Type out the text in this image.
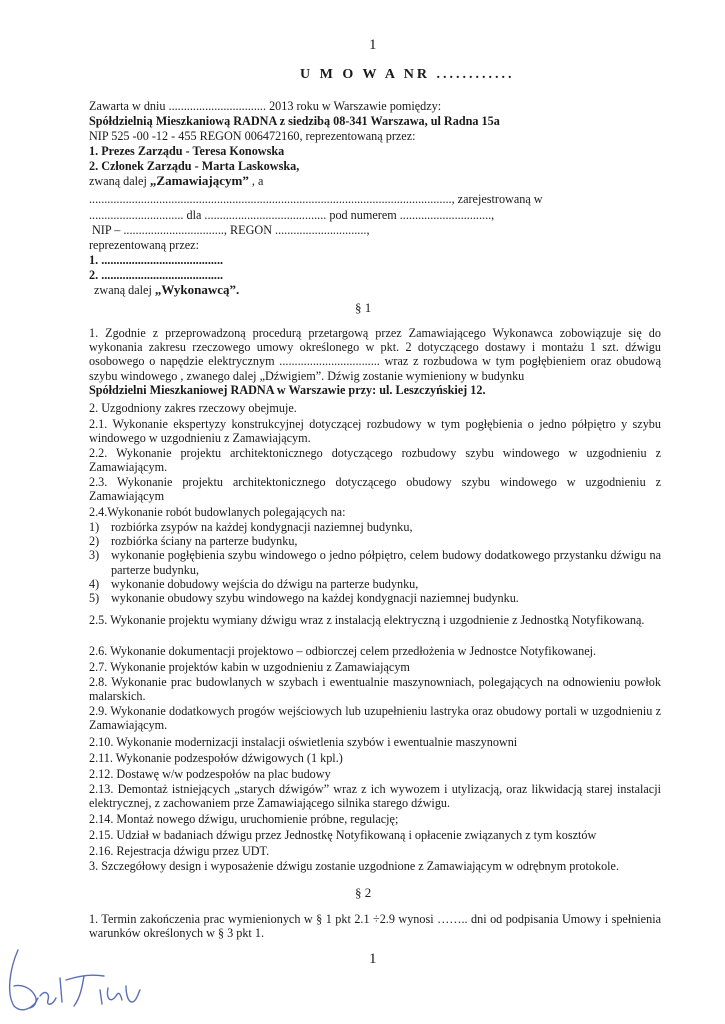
1
U M O W A NR ............
Zawarta w dniu ................................ 2013 roku w Warszawie pomiędzy:
Spółdzielnią Mieszkaniową RADNA z siedzibą 08-341 Warszawa, ul Radna 15a
NIP 525 -00 -12 - 455 REGON 006472160, reprezentowaną przez:
1. Prezes Zarządu - Teresa Konowska
2. Członek Zarządu - Marta Laskowska,
zwaną dalej „Zamawiającym” , a
......................................................................................................................., zarejestrowaną w
............................... dla ........................................ pod numerem ..............................,
NIP – ................................., REGON ..............................,
reprezentowaną przez:
1. ........................................
2. ........................................
zwaną dalej „Wykonawcą”.
§ 1
1. Zgodnie z przeprowadzoną procedurą przetargową przez Zamawiającego Wykonawca zobowiązuje się do wykonania zakresu rzeczowego umowy określonego w pkt. 2 dotyczącego dostawy i montażu 1 szt. dźwigu osobowego o napędzie elektrycznym ................................. wraz z rozbudowa w tym pogłębieniem oraz obudową szybu windowego , zwanego dalej „Dźwigiem”. Dźwig zostanie wymieniony w budynku
Spółdzielni Mieszkaniowej RADNA w Warszawie przy: ul. Leszczyńskiej 12.
2. Uzgodniony zakres rzeczowy obejmuje.
2.1. Wykonanie ekspertyzy konstrukcyjnej dotyczącej rozbudowy w tym pogłębienia o jedno półpiętro y szybu windowego w uzgodnieniu z Zamawiającym.
2.2. Wykonanie projektu architektonicznego dotyczącego rozbudowy szybu windowego w uzgodnieniu z Zamawiającym.
2.3. Wykonanie projektu architektonicznego dotyczącego obudowy szybu windowego w uzgodnieniu z Zamawiającym
2.4.Wykonanie robót budowlanych polegających na:
1) rozbiórka zsypów na każdej kondygnacji naziemnej budynku,
2) rozbiórka ściany na parterze budynku,
3) wykonanie pogłębienia szybu windowego o jedno półpiętro, celem budowy dodatkowego przystanku dźwigu na parterze budynku,
4) wykonanie dobudowy wejścia do dźwigu na parterze budynku,
5) wykonanie obudowy szybu windowego na każdej kondygnacji naziemnej budynku.
2.5. Wykonanie projektu wymiany dźwigu wraz z instalacją elektryczną i uzgodnienie z Jednostką Notyfikowaną.
2.6. Wykonanie dokumentacji projektowo – odbiorczej celem przedłożenia w Jednostce Notyfikowanej.
2.7. Wykonanie projektów kabin w uzgodnieniu z Zamawiającym
2.8. Wykonanie prac budowlanych w szybach i ewentualnie maszynowniach, polegających na odnowieniu powłok malarskich.
2.9. Wykonanie dodatkowych progów wejściowych lub uzupełnieniu lastryka oraz obudowy portali w uzgodnieniu z Zamawiającym.
2.10. Wykonanie modernizacji instalacji oświetlenia szybów i ewentualnie maszynowni
2.11. Wykonanie podzespołów dźwigowych (1 kpl.)
2.12. Dostawę w/w podzespołów na plac budowy
2.13. Demontaż istniejących „starych dźwigów” wraz z ich wywozem i utylizacją, oraz likwidacją starej instalacji elektrycznej, z zachowaniem prze Zamawiającego silnika starego dźwigu.
2.14. Montaż nowego dźwigu, uruchomienie próbne, regulację;
2.15. Udział w badaniach dźwigu przez Jednostkę Notyfikowaną i opłacenie związanych z tym kosztów
2.16. Rejestracja dźwigu przez UDT.
3. Szczegółowy design i wyposażenie dźwigu zostanie uzgodnione z Zamawiającym w odrębnym protokole.
§ 2
1. Termin zakończenia prac wymienionych w § 1 pkt 2.1 ÷2.9 wynosi …….. dni od podpisania Umowy i spełnienia warunków określonych w § 3 pkt 1.
1
